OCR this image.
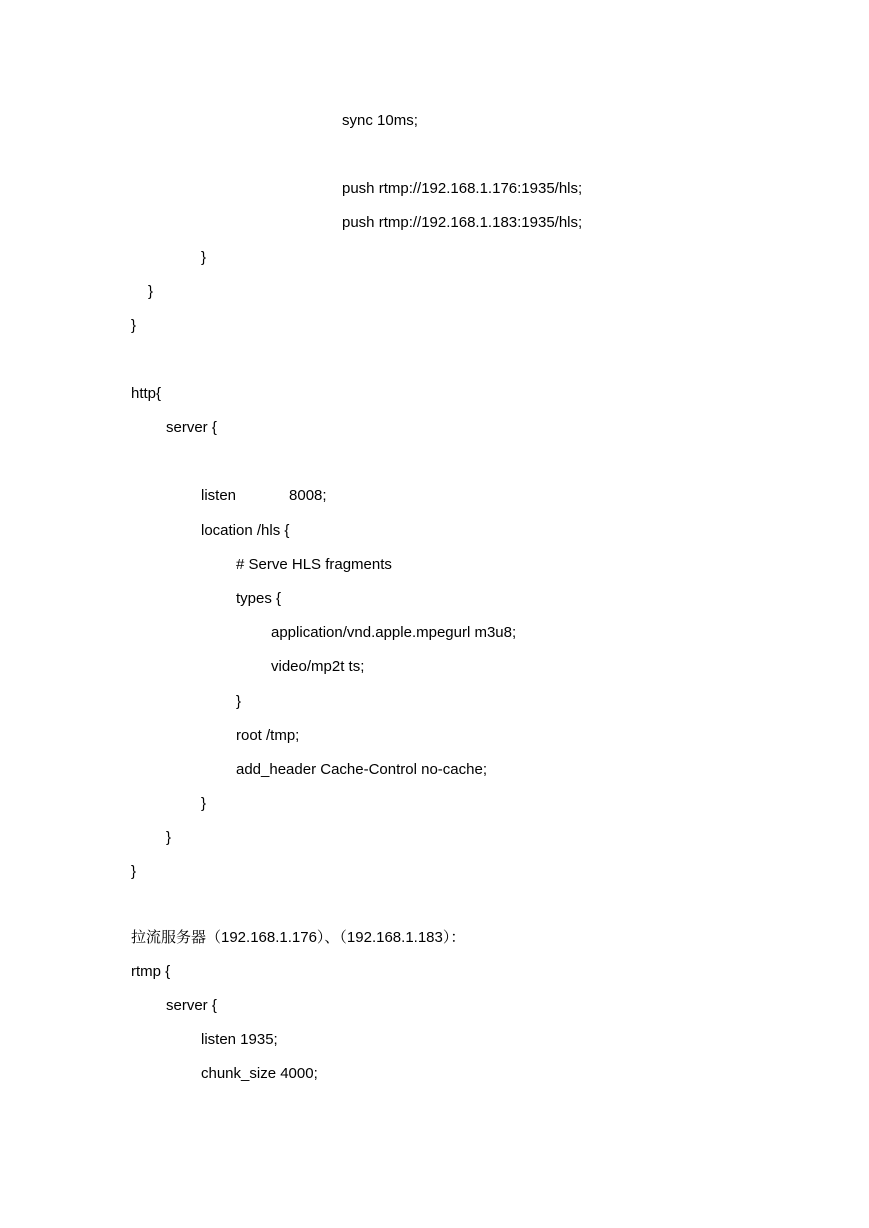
sync 10ms;
push rtmp://192.168.1.176:1935/hls;
push rtmp://192.168.1.183:1935/hls;
}
}
}
http{
server {
listen	8008;
location /hls {
# Serve HLS fragments
types {
application/vnd.apple.mpegurl m3u8;
video/mp2t ts;
}
root /tmp;
add_header Cache-Control no-cache;
}
}
}
拉流服务器（192.168.1.176）、（192.168.1.183）：
rtmp {
server {
listen 1935;
chunk_size 4000;
